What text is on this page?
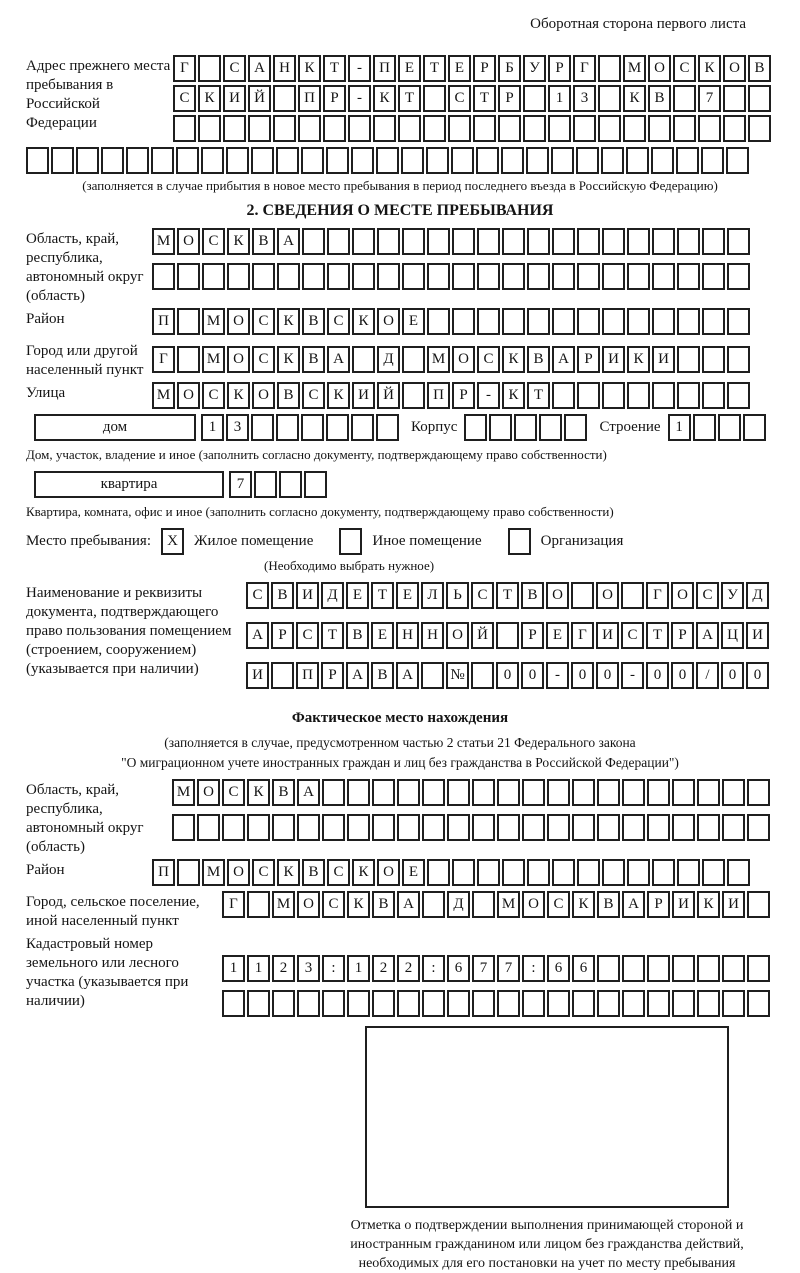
Оборотная сторона первого листа
Адрес прежнего места пребывания в Российской Федерации
Г	С А Н К Т - П Е Т Е Р Б У Р Г	М О С К О В
С К И Й	П Р - К Т	С Т Р	1 3	К В	7
(заполняется в случае прибытия в новое место пребывания в период последнего въезда в Российскую Федерацию)
2. СВЕДЕНИЯ О МЕСТЕ ПРЕБЫВАНИЯ
Область, край, республика, автономный округ (область)
М О С К В А
Район	П	М О С К В С К О Е
Город или другой населенный пункт
Г	М О С К В А	Д	М О С К В А Р И К И
Улица	М О С К О В С К И Й	П Р - К Т
дом	1 3	Корпус	Строение 1
Дом, участок, владение и иное (заполнить согласно документу, подтверждающему право собственности)
квартира	7
Квартира, комната, офис и иное (заполнить согласно документу, подтверждающему право собственности)
Место пребывания:	X	Жилое помещение	Иное помещение	Организация
(Необходимо выбрать нужное)
Наименование и реквизиты документа, подтверждающего право пользования помещением (строением, сооружением) (указывается при наличии)
С В И Д Е Т Е Л Ь С Т В О	О	Г О С У Д
А Р С Т В Е Н Н О Й	Р Е Г И С Т Р А Ц И
И	П Р А В А №	0 0 - 0 0 - 0 0 / 0 0
Фактическое место нахождения
(заполняется в случае, предусмотренном частью 2 статьи 21 Федерального закона
"О миграционном учете иностранных граждан и лиц без гражданства в Российской Федерации")
Область, край, республика, автономный округ (область)
М О С К В А
Район	П	М О С К В С К О Е
Город, сельское поселение, иной населенный пункт
Г	М О С К В А	Д	М О С К В А Р И К И
Кадастровый номер земельного или лесного участка (указывается при наличии)
1 1 2 3 : 1 2 2 : 6 7 7 : 6 6
Отметка о подтверждении выполнения принимающей стороной и иностранным гражданином или лицом без гражданства действий, необходимых для его постановки на учет по месту пребывания
